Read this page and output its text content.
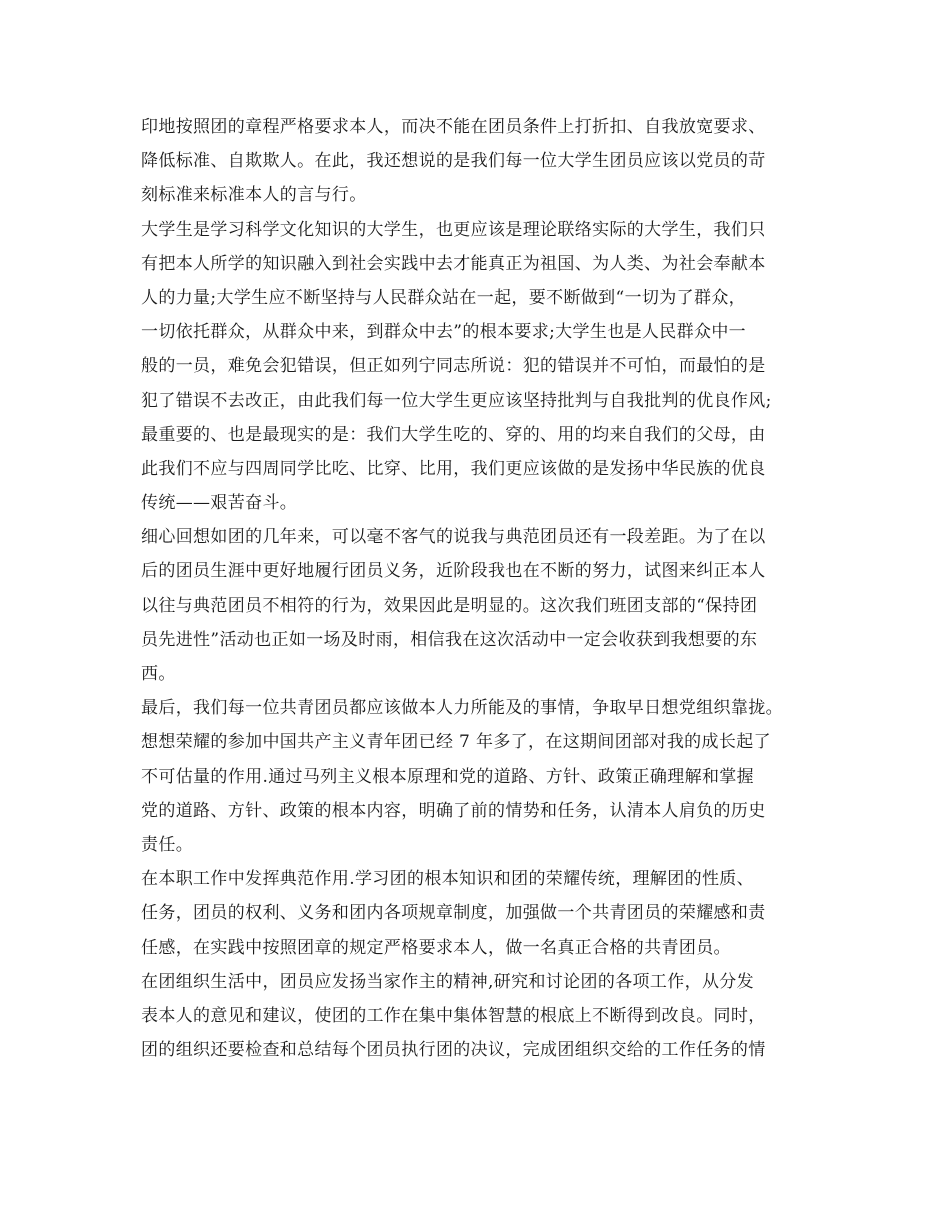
印地按照团的章程严格要求本人，而决不能在团员条件上打折扣、自我放宽要求、
降低标准、自欺欺人。在此，我还想说的是我们每一位大学生团员应该以党员的苛
刻标准来标准本人的言与行。
大学生是学习科学文化知识的大学生，也更应该是理论联络实际的大学生，我们只
有把本人所学的知识融入到社会实践中去才能真正为祖国、为人类、为社会奉献本
人的力量;大学生应不断坚持与人民群众站在一起，要不断做到“一切为了群众，
一切依托群众，从群众中来，到群众中去”的根本要求;大学生也是人民群众中一
般的一员，难免会犯错误，但正如列宁同志所说：犯的错误并不可怕，而最怕的是
犯了错误不去改正，由此我们每一位大学生更应该坚持批判与自我批判的优良作风;
最重要的、也是最现实的是：我们大学生吃的、穿的、用的均来自我们的父母，由
此我们不应与四周同学比吃、比穿、比用，我们更应该做的是发扬中华民族的优良
传统——艰苦奋斗。
细心回想如团的几年来，可以毫不客气的说我与典范团员还有一段差距。为了在以
后的团员生涯中更好地履行团员义务，近阶段我也在不断的努力，试图来纠正本人
以往与典范团员不相符的行为，效果因此是明显的。这次我们班团支部的“保持团
员先进性”活动也正如一场及时雨，相信我在这次活动中一定会收获到我想要的东
西。
最后，我们每一位共青团员都应该做本人力所能及的事情，争取早日想党组织靠拢。
想想荣耀的参加中国共产主义青年团已经 7 年多了，在这期间团部对我的成长起了
不可估量的作用.通过马列主义根本原理和党的道路、方针、政策正确理解和掌握
党的道路、方针、政策的根本内容，明确了前的情势和任务，认清本人肩负的历史
责任。
在本职工作中发挥典范作用.学习团的根本知识和团的荣耀传统，理解团的性质、
任务，团员的权利、义务和团内各项规章制度，加强做一个共青团员的荣耀感和责
任感，在实践中按照团章的规定严格要求本人，做一名真正合格的共青团员。
在团组织生活中，团员应发扬当家作主的精神,研究和讨论团的各项工作，从分发
表本人的意见和建议，使团的工作在集中集体智慧的根底上不断得到改良。同时，
团的组织还要检查和总结每个团员执行团的决议，完成团组织交给的工作任务的情
